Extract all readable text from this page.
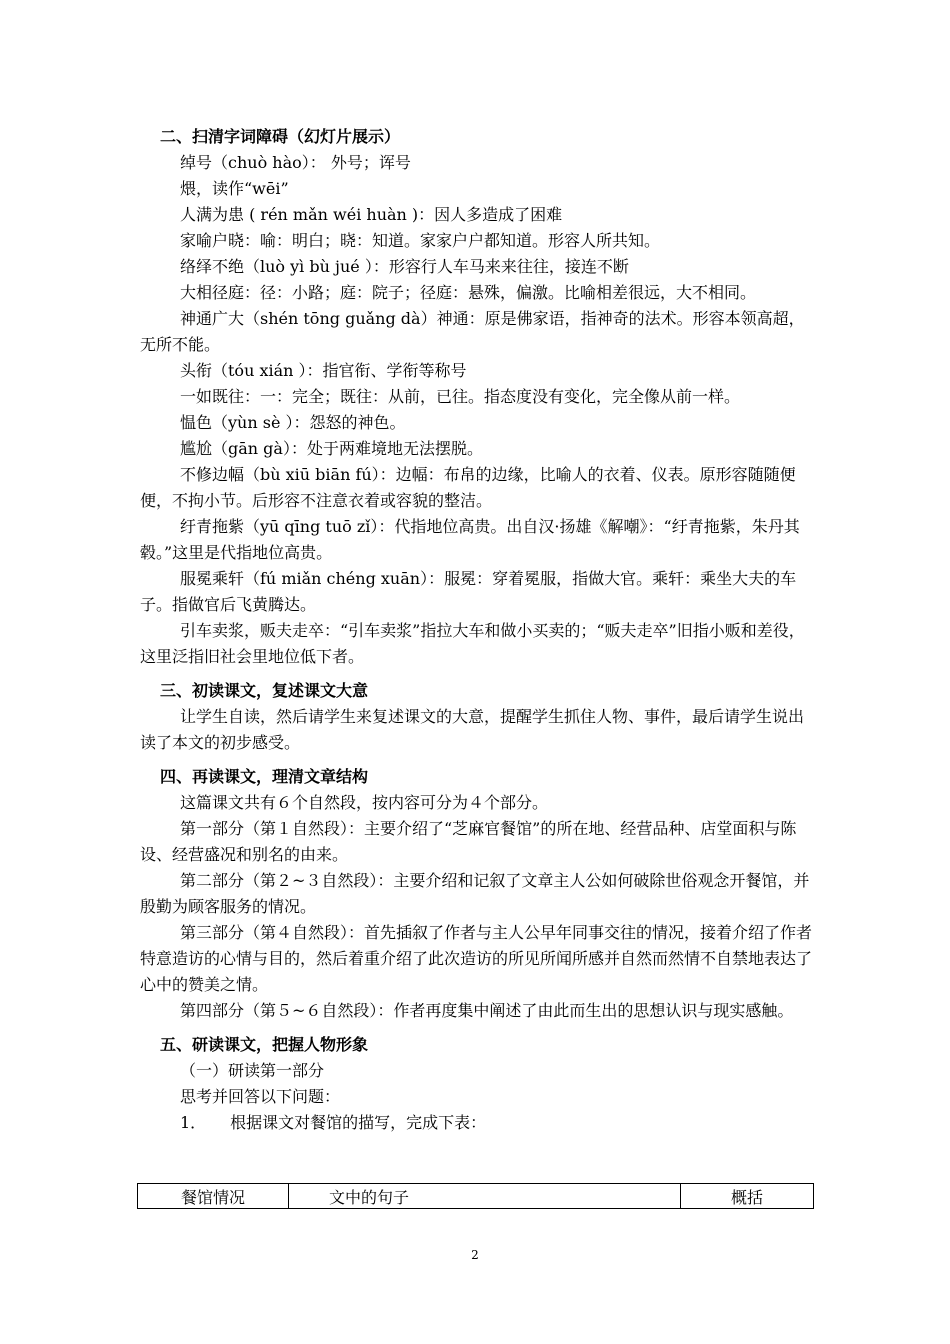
二、扫清字词障碍（幻灯片展示）

绰号（chuò hào）： 外号；诨号

煨，读作“wēi”

人满为患 ( rén mǎn wéi huàn )：因人多造成了困难

家喻户晓：喻：明白；晓：知道。家家户户都知道。形容人所共知。

络绎不绝（luò yì bù jué ）：形容行人车马来来往往，接连不断

大相径庭：径：小路；庭：院子；径庭：悬殊，偏激。比喻相差很远，大不相同。

神通广大（shén tōng guǎng dà）神通：原是佛家语，指神奇的法术。形容本领高超，无所不能。

头衔（tóu xián ）：指官衔、学衔等称号

一如既往：一：完全；既往：从前，已往。指态度没有变化，完全像从前一样。

愠色（yùn sè ）：怨怒的神色。

尴尬（gān gà）：处于两难境地无法摆脱。

不修边幅（bù xiū biān fú）：边幅：布帛的边缘，比喻人的衣着、仪表。原形容随随便便，不拘小节。后形容不注意衣着或容貌的整洁。

纡青拖紫（yū qīng tuō zǐ）：代指地位高贵。出自汉·扬雄《解嘲》：“纡青拖紫，朱丹其毂。”这里是代指地位高贵。

服冕乘轩（fú miǎn chéng xuān）：服冕：穿着冕服，指做大官。乘轩：乘坐大夫的车子。指做官后飞黄腾达。

引车卖浆，贩夫走卒：“引车卖浆”指拉大车和做小买卖的；“贩夫走卒”旧指小贩和差役，这里泛指旧社会里地位低下者。

三、初读课文，复述课文大意

让学生自读，然后请学生来复述课文的大意，提醒学生抓住人物、事件，最后请学生说出读了本文的初步感受。

四、再读课文，理清文章结构

这篇课文共有６个自然段，按内容可分为４个部分。

第一部分（第１自然段）：主要介绍了“芝麻官餐馆”的所在地、经营品种、店堂面积与陈设、经营盛况和别名的由来。

第二部分（第２~３自然段）：主要介绍和记叙了文章主人公如何破除世俗观念开餐馆，并殷勤为顾客服务的情况。

第三部分（第４自然段）：首先插叙了作者与主人公早年同事交往的情况，接着介绍了作者特意造访的心情与目的，然后着重介绍了此次造访的所见所闻所感并自然而然情不自禁地表达了心中的赞美之情。

第四部分（第５~６自然段）：作者再度集中阐述了由此而生出的思想认识与现实感触。

五、研读课文，把握人物形象

（一）研读第一部分

思考并回答以下问题：

1．　　根据课文对餐馆的描写，完成下表：

餐馆情况	文中的句子	概括
2
